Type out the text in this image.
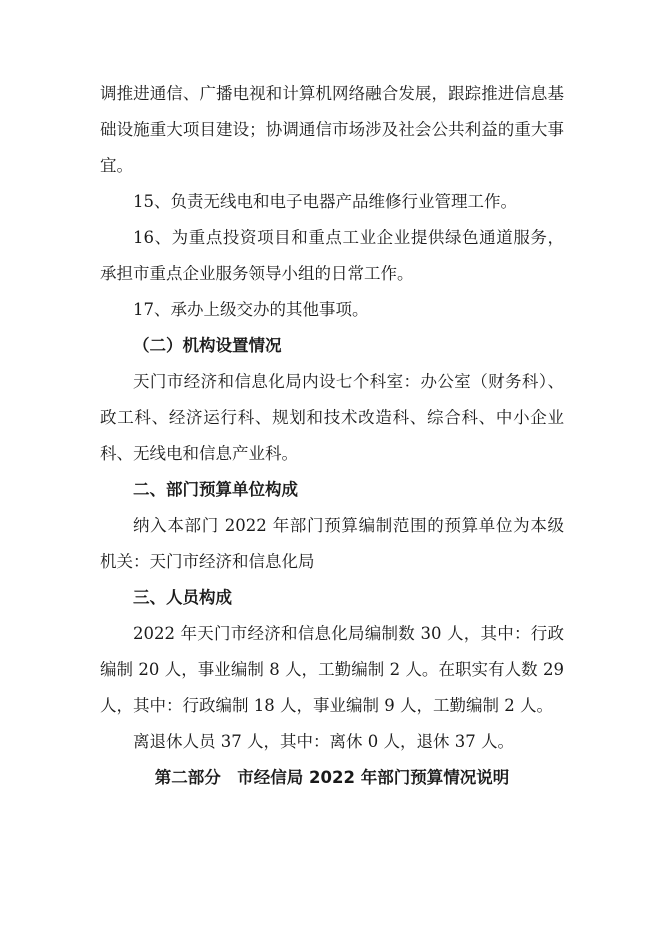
调推进通信、广播电视和计算机网络融合发展，跟踪推进信息基础设施重大项目建设；协调通信市场涉及社会公共利益的重大事宜。

15、负责无线电和电子电器产品维修行业管理工作。

16、为重点投资项目和重点工业企业提供绿色通道服务，承担市重点企业服务领导小组的日常工作。

17、承办上级交办的其他事项。

（二）机构设置情况

天门市经济和信息化局内设七个科室：办公室（财务科）、政工科、经济运行科、规划和技术改造科、综合科、中小企业科、无线电和信息产业科。

二、部门预算单位构成

纳入本部门 2022 年部门预算编制范围的预算单位为本级机关：天门市经济和信息化局

三、人员构成

2022 年天门市经济和信息化局编制数 30 人，其中：行政编制 20 人，事业编制 8 人，工勤编制 2 人。在职实有人数 29 人，其中：行政编制 18 人，事业编制 9 人，工勤编制 2 人。

离退休人员 37 人，其中：离休 0 人，退休 37 人。

第二部分　市经信局 2022 年部门预算情况说明
